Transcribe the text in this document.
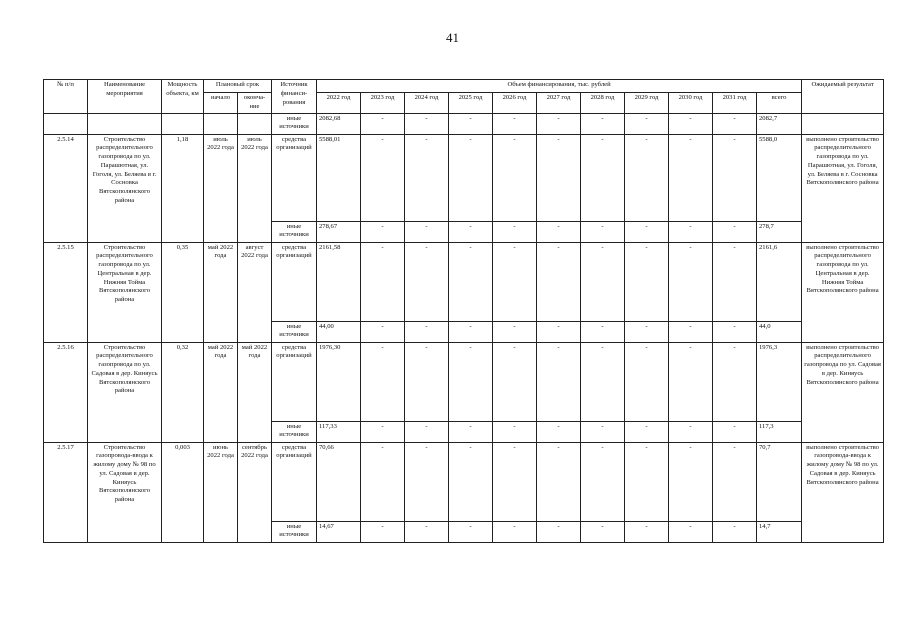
41
№ п/п	Наименование мероприятия	Мощность объекта, км	Плановый срок		Источник финанси-рования	Объем финансирования, тыс. рублей											Ожидаемый результат
			начало	оконча-ние		2022 год	2023 год	2024 год	2025 год	2026 год	2027 год	2028 год	2029 год	2030 год	2031 год	всего	
					иные источники	2082,68	-	-	-	-	-	-	-	-	-	2082,7	
2.5.14	Строительство распределительного газопровода по ул. Парашютная, ул. Гоголя, ул. Беляева в г. Сосновка Вятскополянского района	1,18	июль 2022 года	июль 2022 года	средства организаций	5588,01	-	-	-	-	-	-	-	-	-	5588,0	выполнено строительство распределительного газопровода по ул. Парашютная, ул. Гоголя, ул. Беляева в г. Сосновка Вятскополянского района
					иные источники	278,67	-	-	-	-	-	-	-	-	-	278,7	
2.5.15	Строительство распределительного газопровода по ул. Центральная в дер. Нижняя Тойма Вятскополянского района	0,35	май 2022 года	август 2022 года	средства организаций	2161,58	-	-	-	-	-	-	-	-	-	2161,6	выполнено строительство распределительного газопровода по ул. Центральная в дер. Нижняя Тойма Вятскополянского района
					иные источники	44,00	-	-	-	-	-	-	-	-	-	44,0	
2.5.16	Строительство распределительного газопровода по ул. Садовая в дер. Киняусь Вятскополянского района	0,32	май 2022 года	май 2022 года	средства организаций	1976,30	-	-	-	-	-	-	-	-	-	1976,3	выполнено строительство распределительного газопровода по ул. Садовая в дер. Киняусь Вятскополянского района
					иные источники	117,33	-	-	-	-	-	-	-	-	-	117,3	
2.5.17	Строительство газопровода-ввода к жилому дому № 98 по ул. Садовая в дер. Киняусь Вятскополянского района	0,003	июнь 2022 года	сентябрь 2022 года	средства организаций	70,66	-	-	-	-	-	-	-	-	-	70,7	выполнено строительство газопровода-ввода к жилому дому № 98 по ул. Садовая в дер. Киняусь Вятскополянского района
					иные источники	14,67	-	-	-	-	-	-	-	-	-	14,7	
